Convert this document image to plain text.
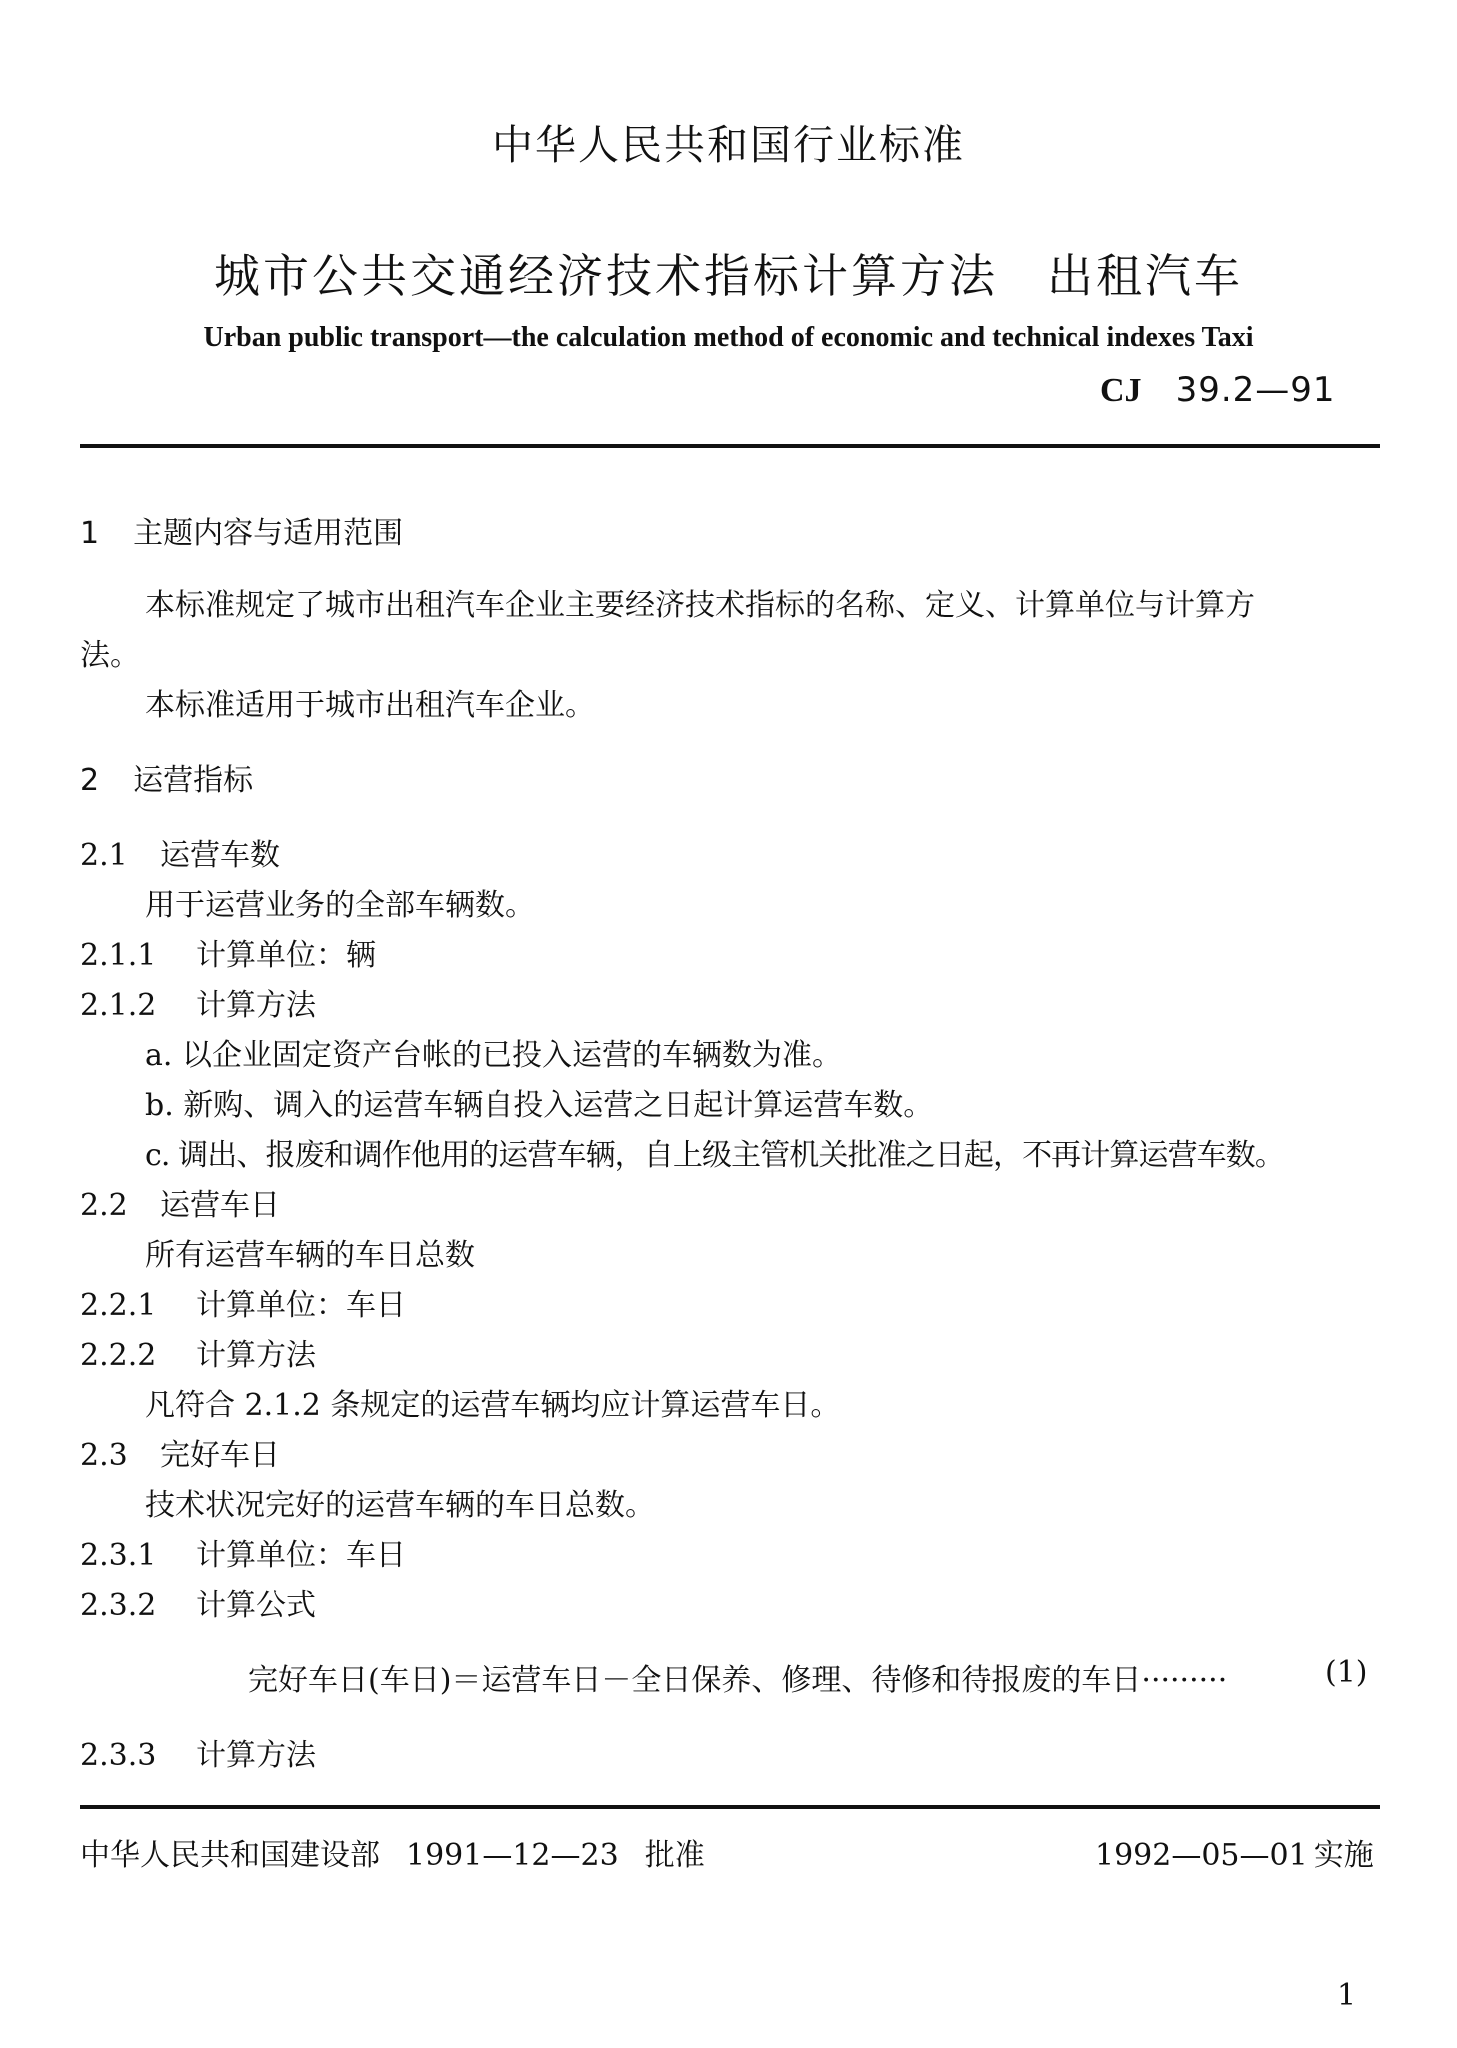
中华人民共和国行业标准
城市公共交通经济技术指标计算方法　出租汽车
Urban public transport—the calculation method of economic and technical indexes Taxi
CJ 39.2—91
1 主题内容与适用范围
本标准规定了城市出租汽车企业主要经济技术指标的名称、定义、计算单位与计算方
法。
本标准适用于城市出租汽车企业。
2 运营指标
2.1 运营车数
用于运营业务的全部车辆数。
2.1.1 计算单位：辆
2.1.2 计算方法
a. 以企业固定资产台帐的已投入运营的车辆数为准。
b. 新购、调入的运营车辆自投入运营之日起计算运营车数。
c. 调出、报废和调作他用的运营车辆，自上级主管机关批准之日起，不再计算运营车数。
2.2 运营车日
所有运营车辆的车日总数
2.2.1 计算单位：车日
2.2.2 计算方法
凡符合 2.1.2 条规定的运营车辆均应计算运营车日。
2.3 完好车日
技术状况完好的运营车辆的车日总数。
2.3.1 计算单位：车日
2.3.2 计算公式
完好车日(车日)＝运营车日－全日保养、修理、待修和待报废的车日·········	(1)
2.3.3 计算方法
中华人民共和国建设部 1991—12—23 批准	1992—05—01 实施
1
